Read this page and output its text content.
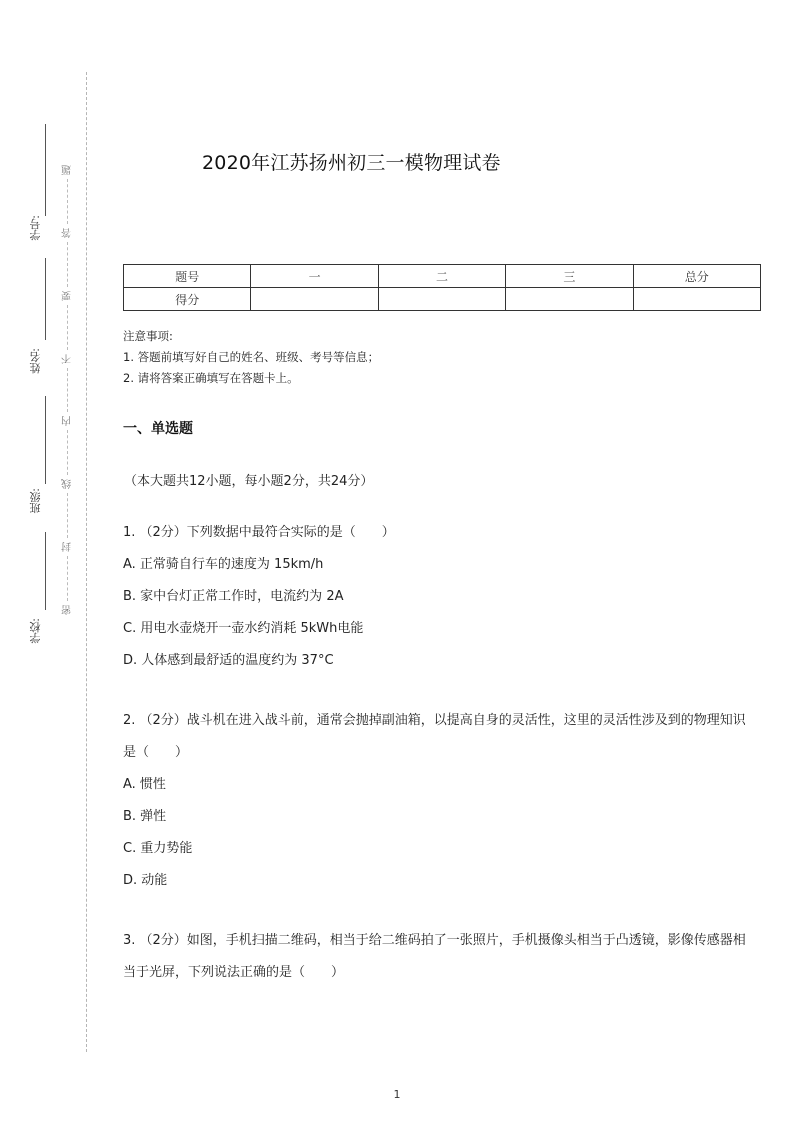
学号:
姓名:
班级:
学校:
密
封
线
内
不
要
答
题	2020年江苏扬州初三一模物理试卷
题号	一	二	三	总分
得分				
注意事项:
1. 答题前填写好自己的姓名、班级、考号等信息；
2. 请将答案正确填写在答题卡上。
一、单选题
（本大题共12小题，每小题2分，共24分）

1. （2分）下列数据中最符合实际的是（　　）

A. 正常骑自行车的速度为 15km/h

B. 家中台灯正常工作时，电流约为 2A

C. 用电水壶烧开一壶水约消耗 5kWh电能

D. 人体感到最舒适的温度约为 37°C

2. （2分）战斗机在进入战斗前，通常会抛掉副油箱，以提高自身的灵活性，这里的灵活性涉及到的物理知识是（　　）

A. 惯性

B. 弹性

C. 重力势能

D. 动能

3. （2分）如图，手机扫描二维码，相当于给二维码拍了一张照片，手机摄像头相当于凸透镜，影像传感器相当于光屏，下列说法正确的是（　　）

1
